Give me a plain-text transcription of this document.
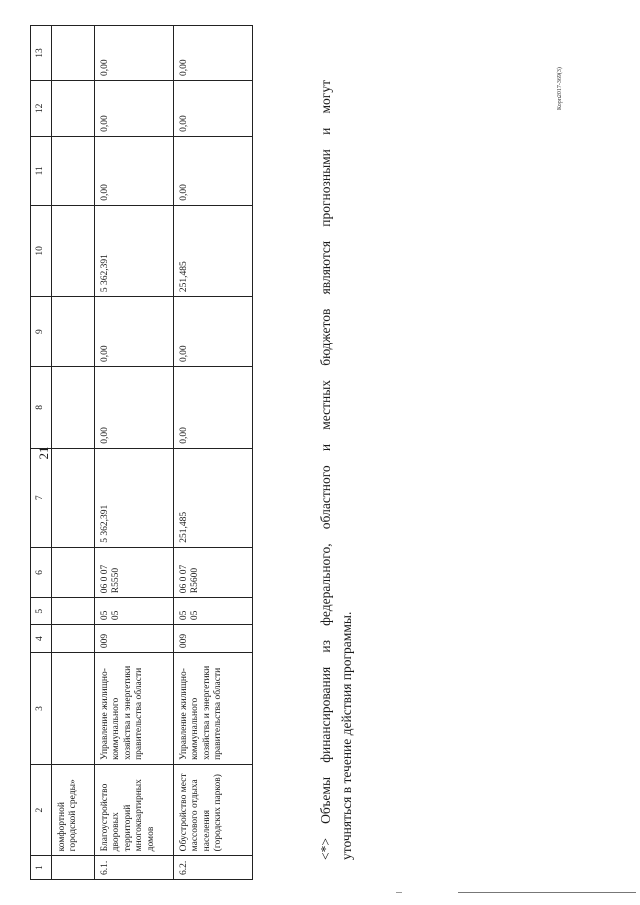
21
1	2	3	4	5	6	7	8	9	10	11	12	13
	комфортной городской среды»											
6.1.	Благоустройство дворовых территорий многоквартирных домов	Управление жилищно-коммунального хозяйства и энергетики правительства области	009	05 05	06 0 07 R5550	5 362,391	0,00	0,00	5 362,391	0,00	0,00	0,00
6.2.	Обустройство мест массового отдыха населения (городских парков)	Управление жилищно-коммунального хозяйства и энергетики правительства области	009	05 05	06 0 07 R5600	251,485	0,00	0,00	251,485	0,00	0,00	0,00
<*> Объемы финансирования из федерального, областного и местных бюджетов являются прогнозными и могут уточняться в течение действия программы.
Корп2017-369(3)
